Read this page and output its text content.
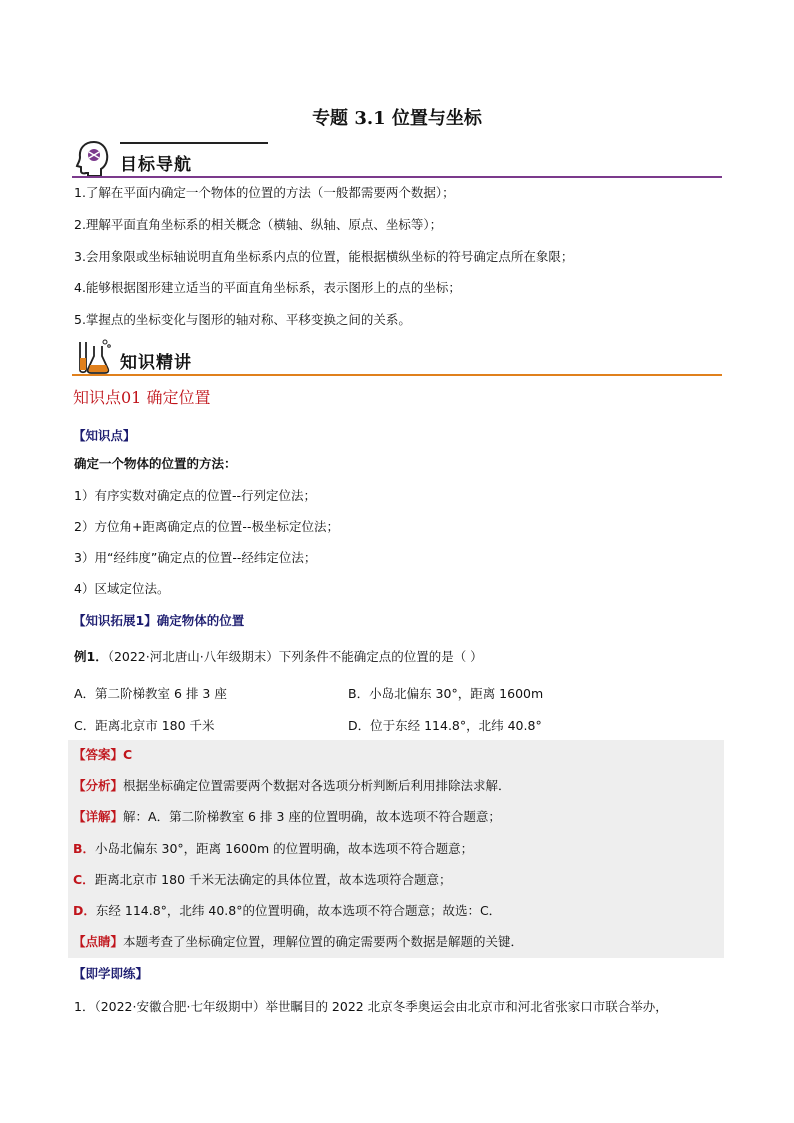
专题 3.1 位置与坐标
目标导航
1.了解在平面内确定一个物体的位置的方法（一般都需要两个数据）；
2.理解平面直角坐标系的相关概念（横轴、纵轴、原点、坐标等）；
3.会用象限或坐标轴说明直角坐标系内点的位置，能根据横纵坐标的符号确定点所在象限；
4.能够根据图形建立适当的平面直角坐标系，表示图形上的点的坐标；
5.掌握点的坐标变化与图形的轴对称、平移变换之间的关系。
知识精讲
知识点01 确定位置
【知识点】
确定一个物体的位置的方法：
1）有序实数对确定点的位置--行列定位法；
2）方位角+距离确定点的位置--极坐标定位法；
3）用“经纬度”确定点的位置--经纬定位法；
4）区域定位法。
【知识拓展1】确定物体的位置
例1．（2022·河北唐山·八年级期末）下列条件不能确定点的位置的是（ ）
A．第二阶梯教室 6 排 3 座	B．小岛北偏东 30°，距离 1600m
C．距离北京市 180 千米	D．位于东经 114.8°，北纬 40.8°
【答案】C
【分析】根据坐标确定位置需要两个数据对各选项分析判断后利用排除法求解．
【详解】解：A．第二阶梯教室 6 排 3 座的位置明确，故本选项不符合题意；
B．小岛北偏东 30°，距离 1600m 的位置明确，故本选项不符合题意；
C．距离北京市 180 千米无法确定的具体位置，故本选项符合题意；
D．东经 114.8°，北纬 40.8°的位置明确，故本选项不符合题意；故选：C．
【点睛】本题考查了坐标确定位置，理解位置的确定需要两个数据是解题的关键．
【即学即练】
1．（2022·安徽合肥·七年级期中）举世瞩目的 2022 北京冬季奥运会由北京市和河北省张家口市联合举办，
